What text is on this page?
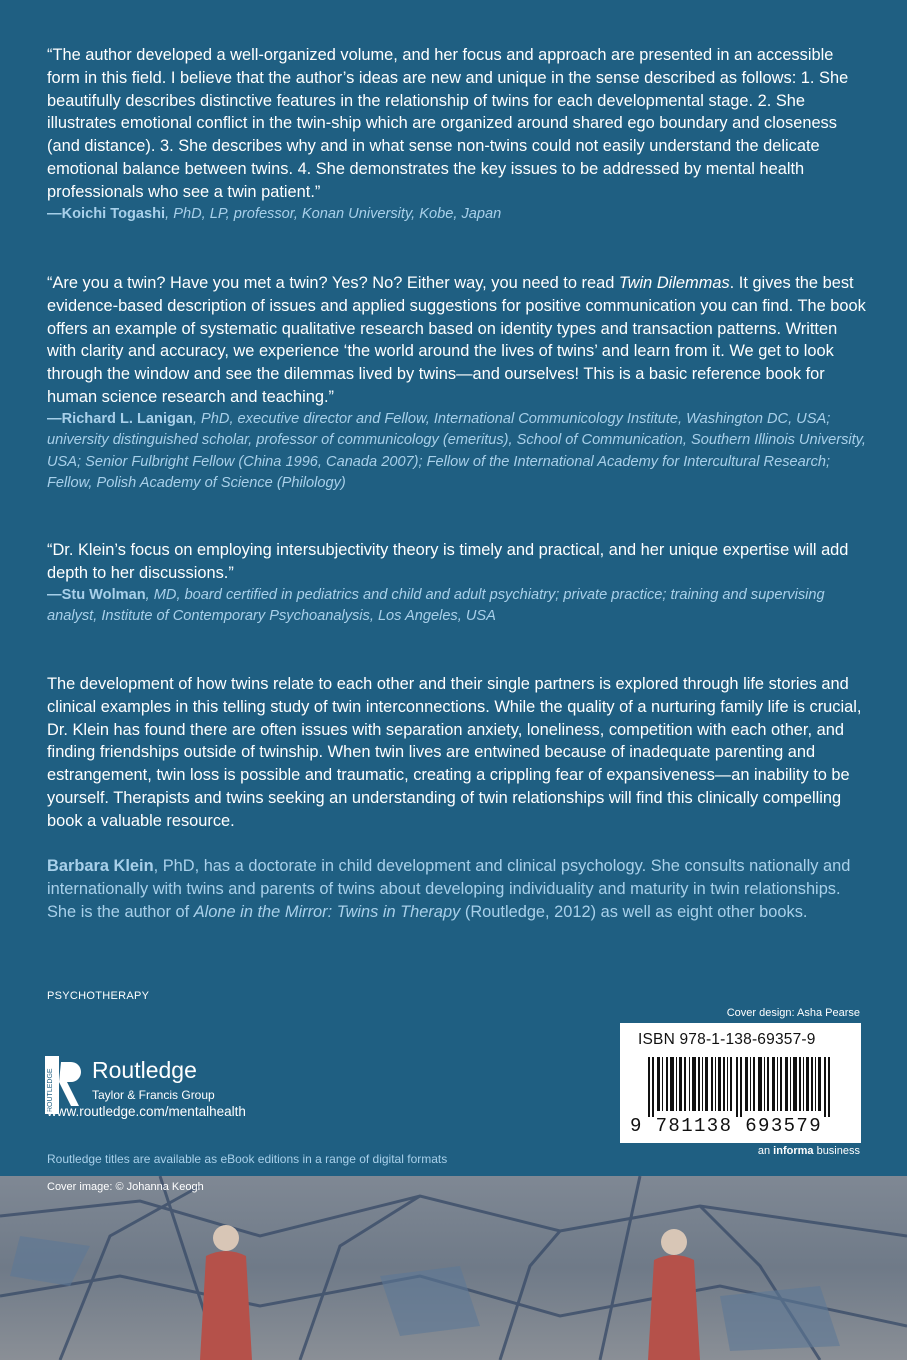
“The author developed a well-organized volume, and her focus and approach are presented in an accessible form in this field. I believe that the author’s ideas are new and unique in the sense described as follows: 1. She beautifully describes distinctive features in the relationship of twins for each developmental stage. 2. She illustrates emotional conflict in the twin-ship which are organized around shared ego boundary and closeness (and distance). 3. She describes why and in what sense non-twins could not easily understand the delicate emotional balance between twins. 4. She demonstrates the key issues to be addressed by mental health professionals who see a twin patient.”

—Koichi Togashi, PhD, LP, professor, Konan University, Kobe, Japan

“Are you a twin? Have you met a twin? Yes? No? Either way, you need to read Twin Dilemmas. It gives the best evidence-based description of issues and applied suggestions for positive communication you can find. The book offers an example of systematic qualitative research based on identity types and transaction patterns. Written with clarity and accuracy, we experience ‘the world around the lives of twins’ and learn from it. We get to look through the window and see the dilemmas lived by twins—and ourselves! This is a basic reference book for human science research and teaching.”

—Richard L. Lanigan, PhD, executive director and Fellow, International Communicology Institute, Washington DC, USA; university distinguished scholar, professor of communicology (emeritus), School of Communication, Southern Illinois University, USA; Senior Fulbright Fellow (China 1996, Canada 2007); Fellow of the International Academy for Intercultural Research; Fellow, Polish Academy of Science (Philology)

“Dr. Klein’s focus on employing intersubjectivity theory is timely and practical, and her unique expertise will add depth to her discussions.”

—Stu Wolman, MD, board certified in pediatrics and child and adult psychiatry; private practice; training and supervising analyst, Institute of Contemporary Psychoanalysis, Los Angeles, USA

The development of how twins relate to each other and their single partners is explored through life stories and clinical examples in this telling study of twin interconnections. While the quality of a nurturing family life is crucial, Dr. Klein has found there are often issues with separation anxiety, loneliness, competition with each other, and finding friendships outside of twinship. When twin lives are entwined because of inadequate parenting and estrangement, twin loss is possible and traumatic, creating a crippling fear of expansiveness—an inability to be yourself. Therapists and twins seeking an understanding of twin relationships will find this clinically compelling book a valuable resource.

Barbara Klein, PhD, has a doctorate in child development and clinical psychology. She consults nationally and internationally with twins and parents of twins about developing individuality and maturity in twin relationships. She is the author of Alone in the Mirror: Twins in Therapy (Routledge, 2012) as well as eight other books.

PSYCHOTHERAPY
Cover design: Asha Pearse
ISBN 978-1-138-69357-9
9 781138 693579
an informa business
ROUTLEDGE Routledge
Taylor & Francis Group
www.routledge.com/mentalhealth
Routledge titles are available as eBook editions in a range of digital formats
Cover image: © Johanna Keogh
